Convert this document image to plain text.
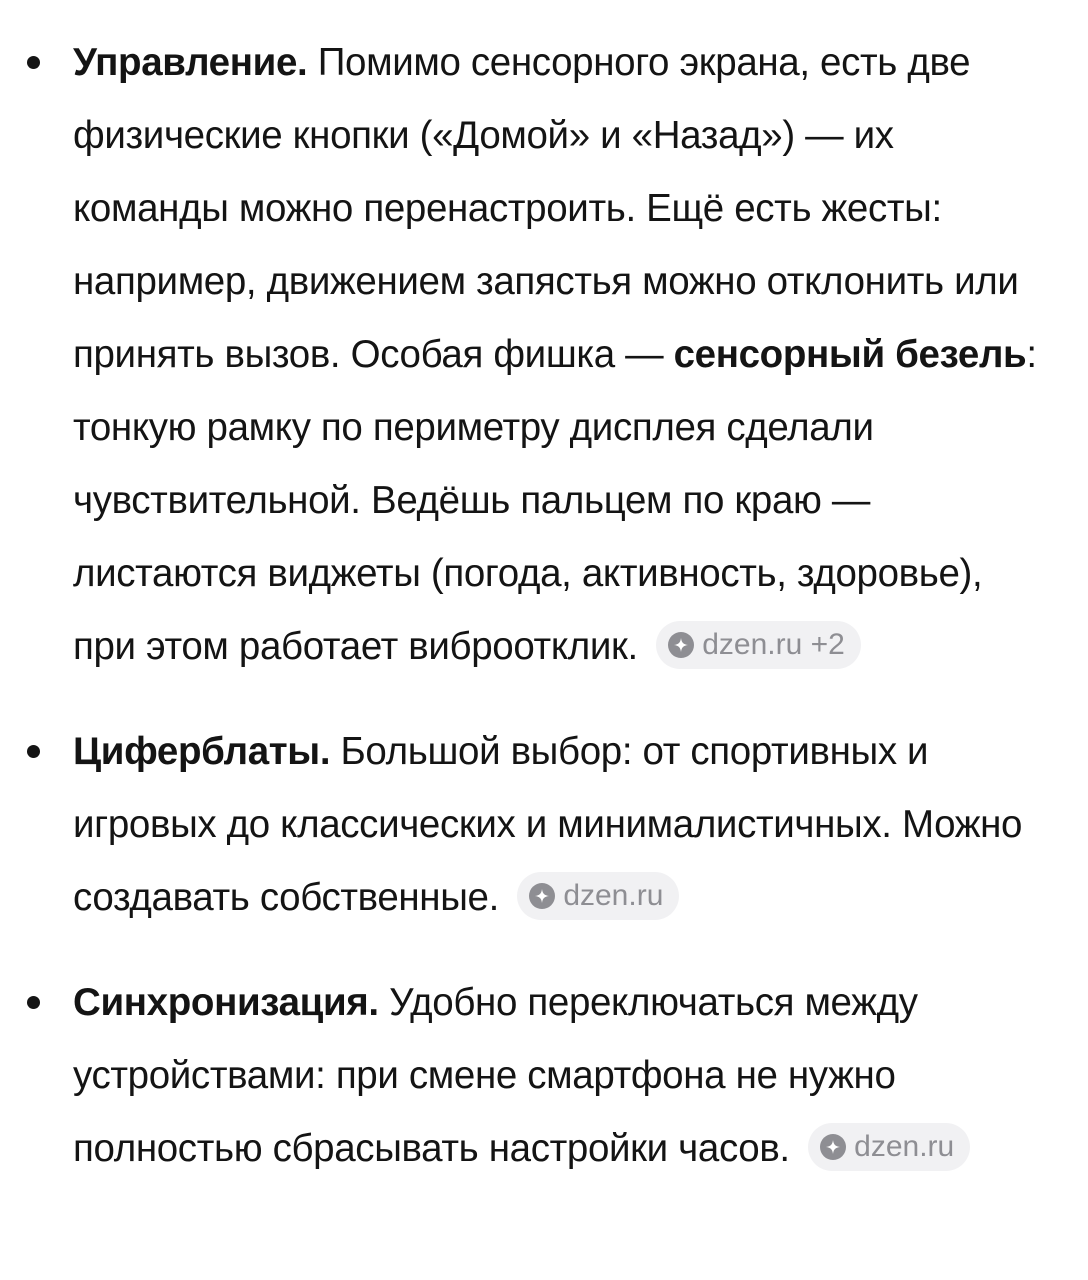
Управление. Помимо сенсорного экрана, есть две физические кнопки («Домой» и «Назад») — их команды можно перенастроить. Ещё есть жесты: например, движением запястья можно отклонить или принять вызов. Особая фишка — сенсорный безель: тонкую рамку по периметру дисплея сделали чувствительной. Ведёшь пальцем по краю — листаются виджеты (погода, активность, здоровье), при этом работает виброотклик. dzen.ru +2
Циферблаты. Большой выбор: от спортивных и игровых до классических и минималистичных. Можно создавать собственные. dzen.ru
Синхронизация. Удобно переключаться между устройствами: при смене смартфона не нужно полностью сбрасывать настройки часов. dzen.ru
